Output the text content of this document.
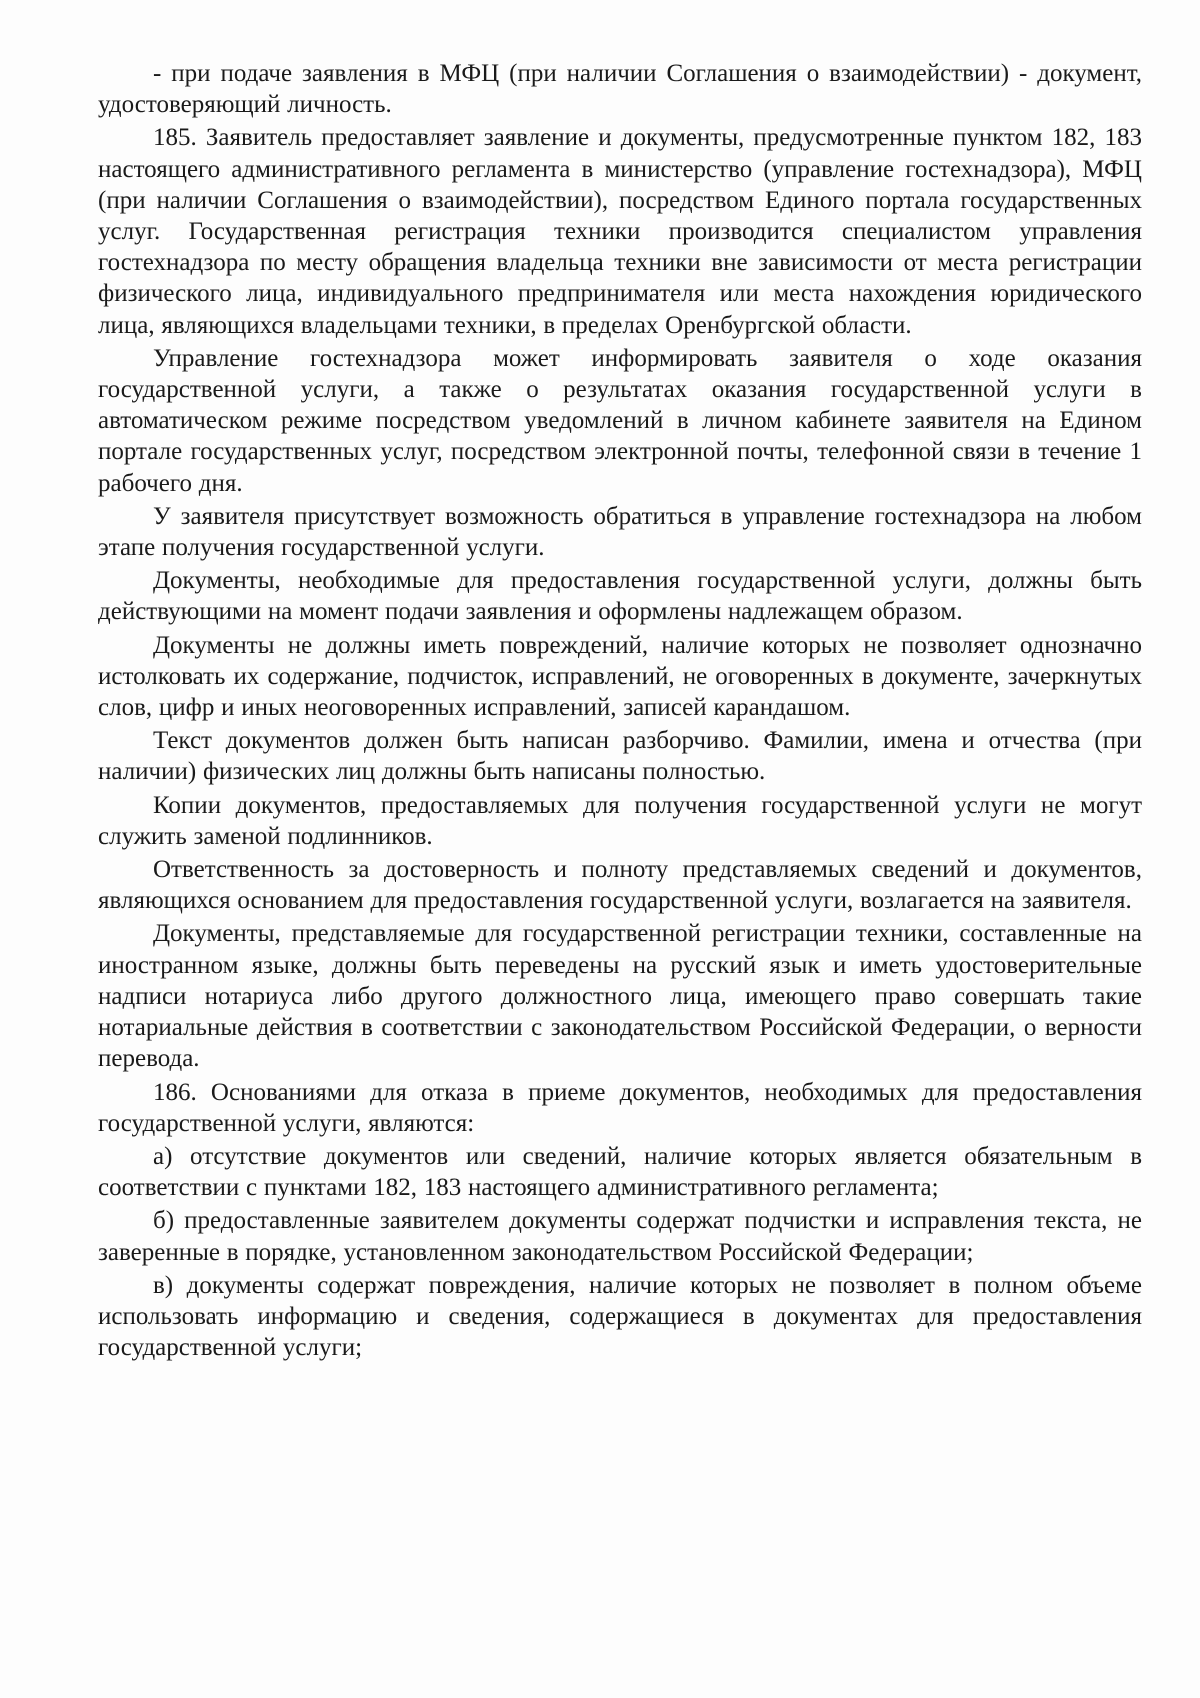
- при подаче заявления в МФЦ (при наличии Соглашения о взаимодействии) - документ, удостоверяющий личность.

185. Заявитель предоставляет заявление и документы, предусмотренные пунктом 182, 183 настоящего административного регламента в министерство (управление гостехнадзора), МФЦ (при наличии Соглашения о взаимодействии), посредством Единого портала государственных услуг. Государственная регистрация техники производится специалистом управления гостехнадзора по месту обращения владельца техники вне зависимости от места регистрации физического лица, индивидуального предпринимателя или места нахождения юридического лица, являющихся владельцами техники, в пределах Оренбургской области.

Управление гостехнадзора может информировать заявителя о ходе оказания государственной услуги, а также о результатах оказания государственной услуги в автоматическом режиме посредством уведомлений в личном кабинете заявителя на Едином портале государственных услуг, посредством электронной почты, телефонной связи в течение 1 рабочего дня.

У заявителя присутствует возможность обратиться в управление гостехнадзора на любом этапе получения государственной услуги.

Документы, необходимые для предоставления государственной услуги, должны быть действующими на момент подачи заявления и оформлены надлежащем образом.

Документы не должны иметь повреждений, наличие которых не позволяет однозначно истолковать их содержание, подчисток, исправлений, не оговоренных в документе, зачеркнутых слов, цифр и иных неоговоренных исправлений, записей карандашом.

Текст документов должен быть написан разборчиво. Фамилии, имена и отчества (при наличии) физических лиц должны быть написаны полностью.

Копии документов, предоставляемых для получения государственной услуги не могут служить заменой подлинников.

Ответственность за достоверность и полноту представляемых сведений и документов, являющихся основанием для предоставления государственной услуги, возлагается на заявителя.

Документы, представляемые для государственной регистрации техники, составленные на иностранном языке, должны быть переведены на русский язык и иметь удостоверительные надписи нотариуса либо другого должностного лица, имеющего право совершать такие нотариальные действия в соответствии с законодательством Российской Федерации, о верности перевода.

186. Основаниями для отказа в приеме документов, необходимых для предоставления государственной услуги, являются:

а) отсутствие документов или сведений, наличие которых является обязательным в соответствии с пунктами 182, 183 настоящего административного регламента;

б) предоставленные заявителем документы содержат подчистки и исправления текста, не заверенные в порядке, установленном законодательством Российской Федерации;

в) документы содержат повреждения, наличие которых не позволяет в полном объеме использовать информацию и сведения, содержащиеся в документах для предоставления государственной услуги;
